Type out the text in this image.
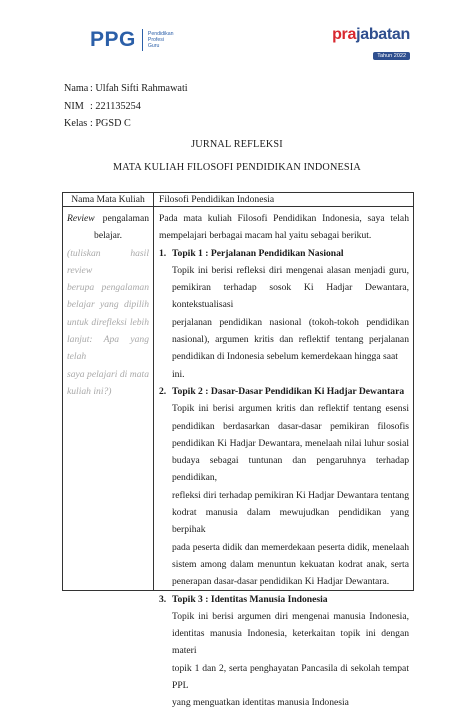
PPG Pendidikan
Profesi
Guru
prajabatan
Tahun 2022
Nama : Ulfah Sifti Rahmawati
NIM : 221135254
Kelas : PGSD C
JURNAL REFLEKSI
MATA KULIAH FILOSOFI PENDIDIKAN INDONESIA
Nama Mata Kuliah	Filosofi Pendidikan Indonesia
Review pengalaman
belajar.
(tuliskan hasil review
berupa pengalaman
belajar yang dipilih
untuk direfleksi lebih
lanjut: Apa yang telah
saya pelajari di mata
kuliah ini?)
Pada mata kuliah Filosofi Pendidikan Indonesia, saya telah
mempelajari berbagai macam hal yaitu sebagai berikut.
1. Topik 1 : Perjalanan Pendidikan Nasional
Topik ini berisi refleksi diri mengenai alasan menjadi guru,
pemikiran terhadap sosok Ki Hadjar Dewantara, kontekstualisasi
perjalanan pendidikan nasional (tokoh-tokoh pendidikan
nasional), argumen kritis dan reflektif tentang perjalanan
pendidikan di Indonesia sebelum kemerdekaan hingga saat ini.
2. Topik 2 : Dasar-Dasar Pendidikan Ki Hadjar Dewantara
Topik ini berisi argumen kritis dan reflektif tentang esensi
pendidikan berdasarkan dasar-dasar pemikiran filosofis
pendidikan Ki Hadjar Dewantara, menelaah nilai luhur sosial
budaya sebagai tuntunan dan pengaruhnya terhadap pendidikan,
refleksi diri terhadap pemikiran Ki Hadjar Dewantara tentang
kodrat manusia dalam mewujudkan pendidikan yang berpihak
pada peserta didik dan memerdekaan peserta didik, menelaah
sistem among dalam menuntun kekuatan kodrat anak, serta
penerapan dasar-dasar pendidikan Ki Hadjar Dewantara.
3. Topik 3 : Identitas Manusia Indonesia
Topik ini berisi argumen diri mengenai manusia Indonesia,
identitas manusia Indonesia, keterkaitan topik ini dengan materi
topik 1 dan 2, serta penghayatan Pancasila di sekolah tempat PPL
yang menguatkan identitas manusia Indonesia
